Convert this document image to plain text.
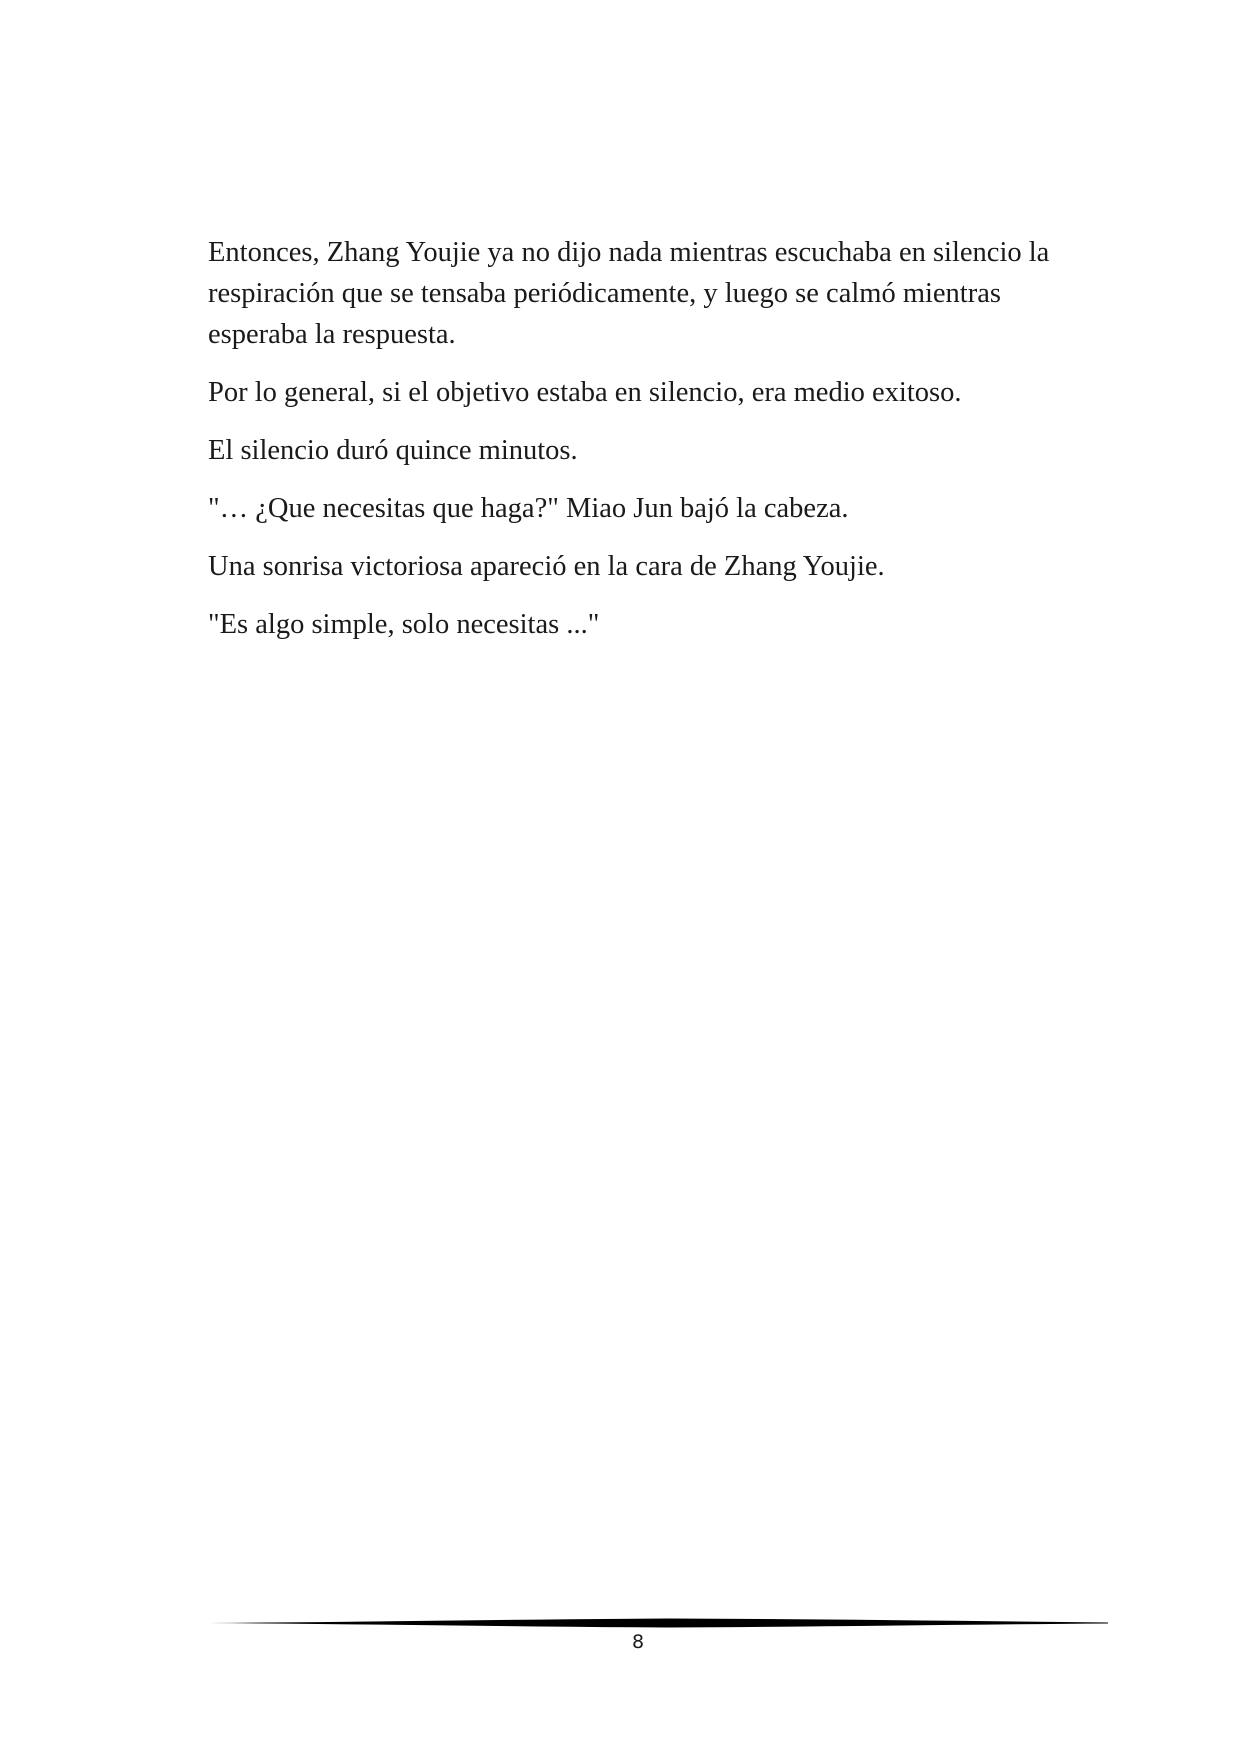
Entonces, Zhang Youjie ya no dijo nada mientras escuchaba en silencio la respiración que se tensaba periódicamente, y luego se calmó mientras esperaba la respuesta.

Por lo general, si el objetivo estaba en silencio, era medio exitoso.

El silencio duró quince minutos.

"… ¿Que necesitas que haga?" Miao Jun bajó la cabeza.

Una sonrisa victoriosa apareció en la cara de Zhang Youjie.

"Es algo simple, solo necesitas ..."

8
